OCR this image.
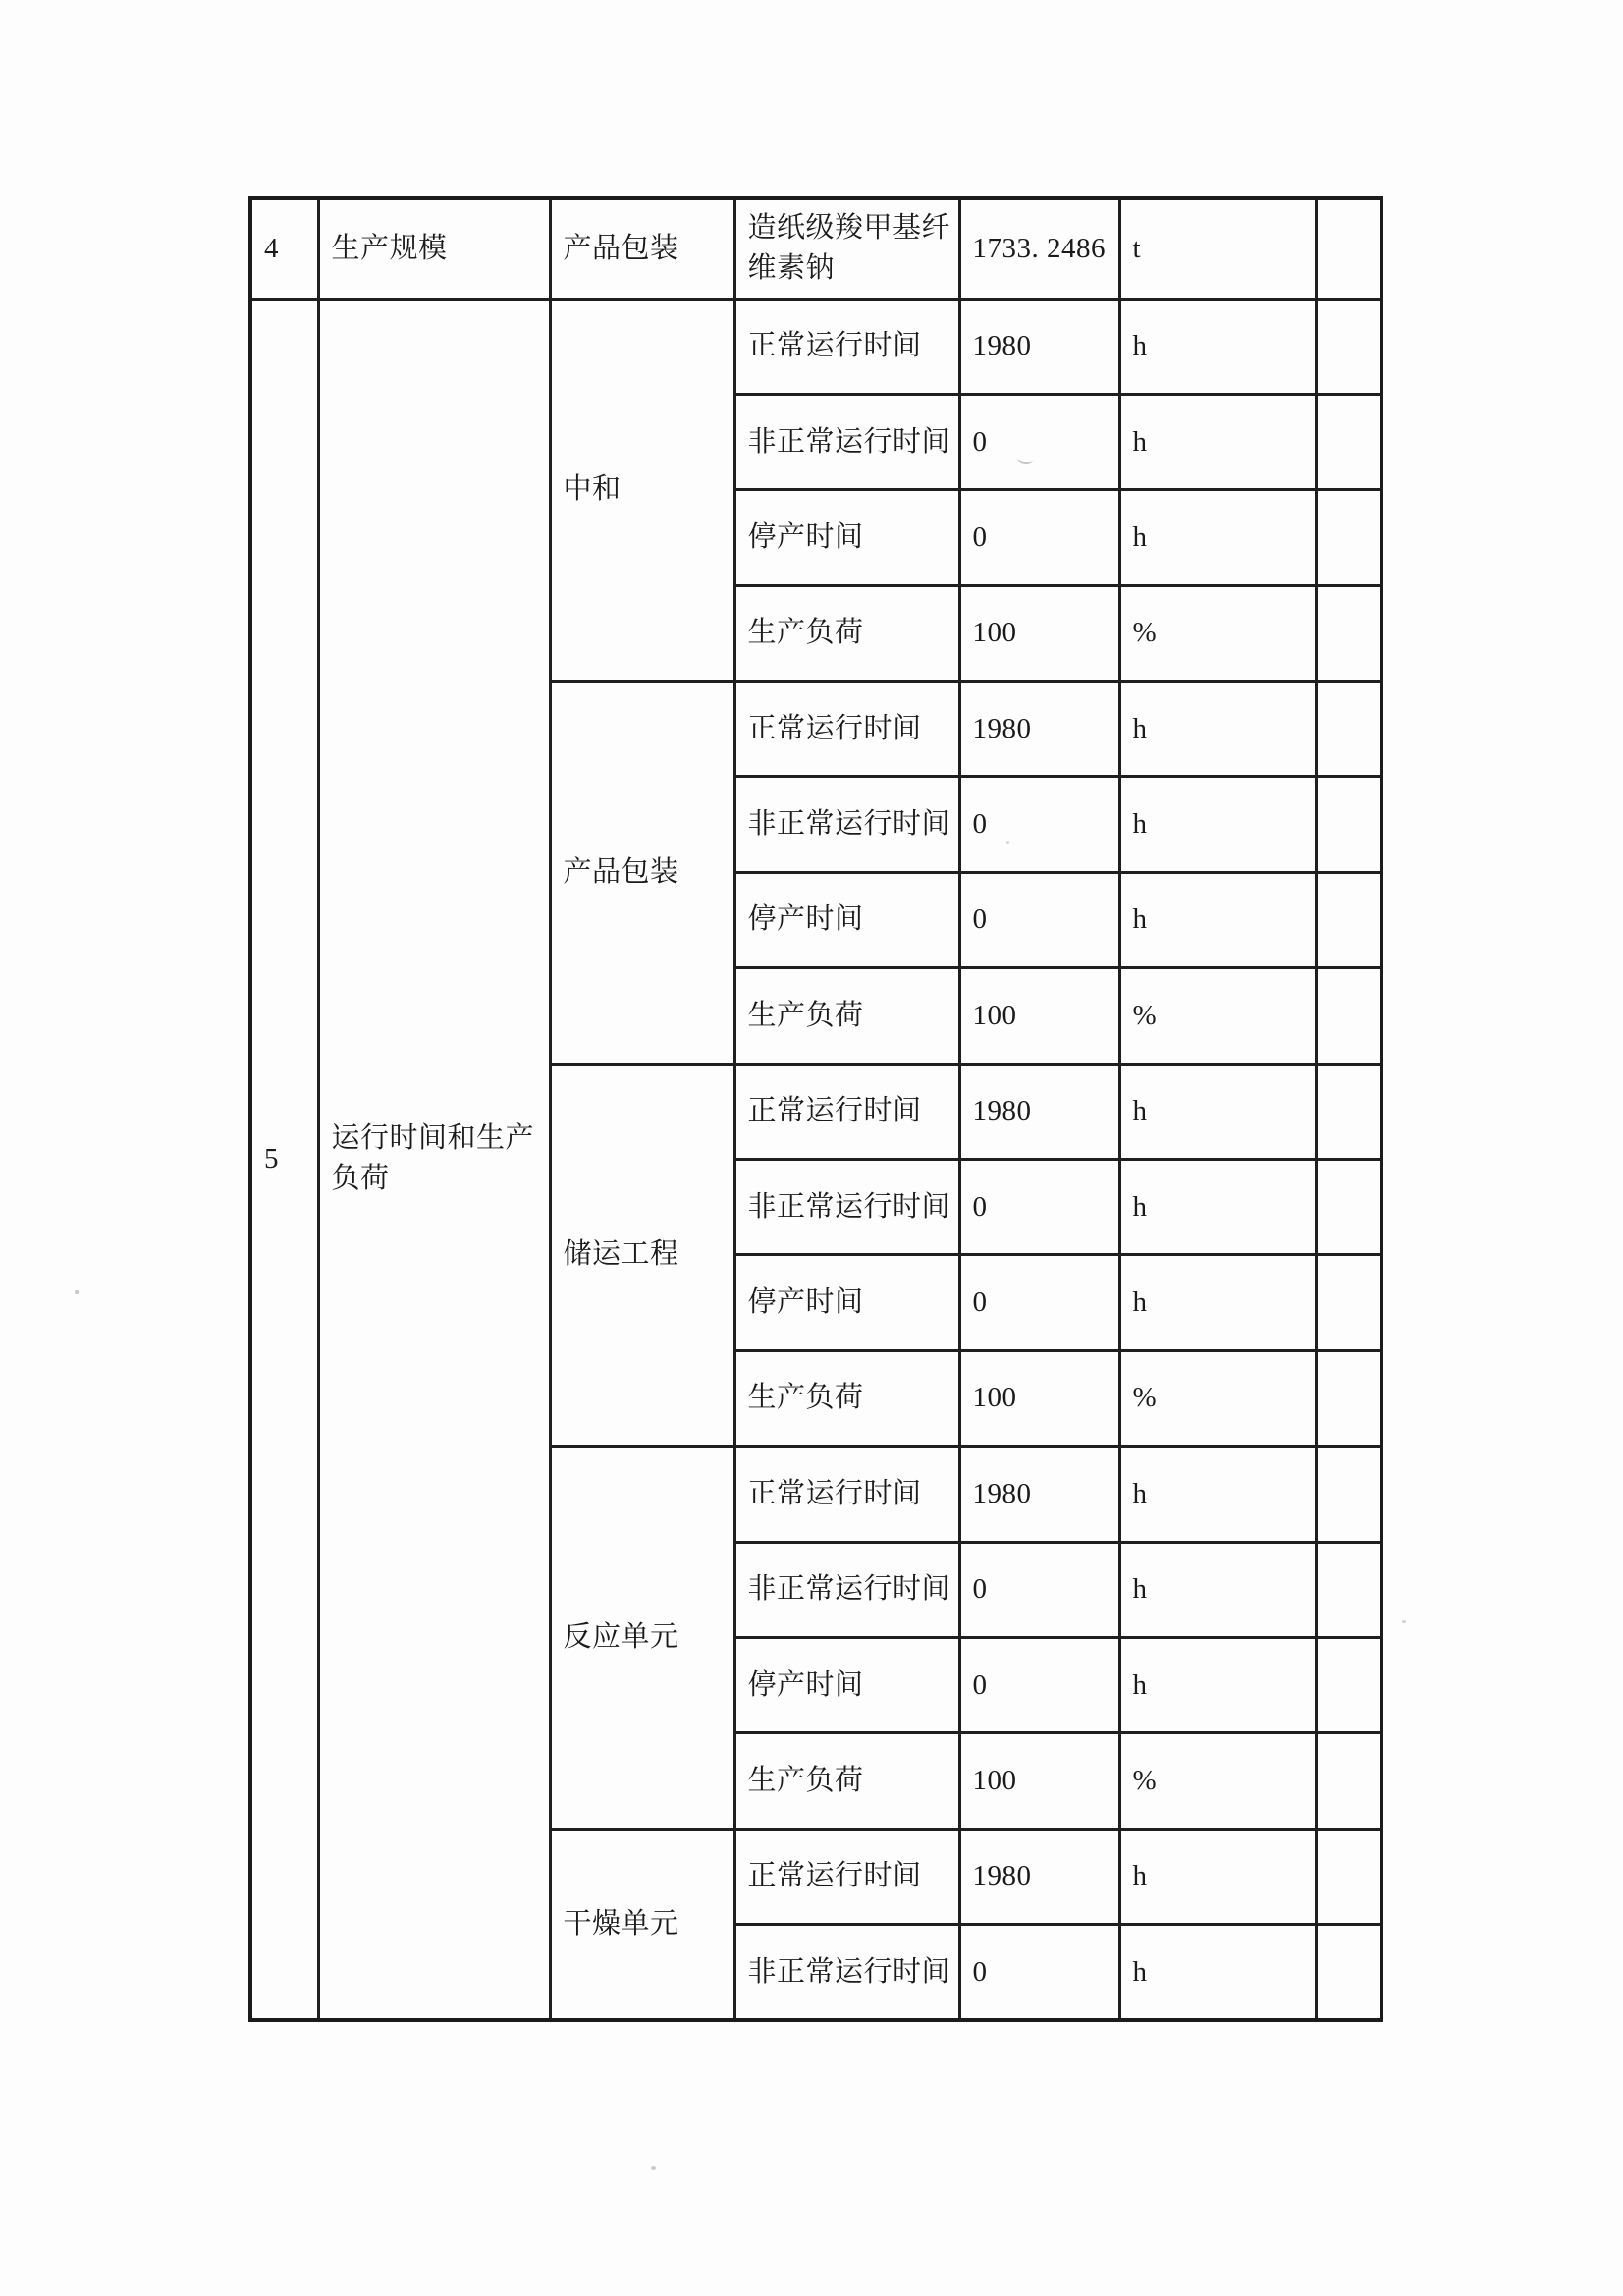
4	生产规模	产品包装	造纸级羧甲基纤维素钠	1733. 2486	t	
5	运行时间和生产负荷	中和	正常运行时间	1980	h	
			非正常运行时间	0	h	
			停产时间	0	h	
			生产负荷	100	%	
		产品包装	正常运行时间	1980	h	
			非正常运行时间	0	h	
			停产时间	0	h	
			生产负荷	100	%	
		储运工程	正常运行时间	1980	h	
			非正常运行时间	0	h	
			停产时间	0	h	
			生产负荷	100	%	
		反应单元	正常运行时间	1980	h	
			非正常运行时间	0	h	
			停产时间	0	h	
			生产负荷	100	%	
		干燥单元	正常运行时间	1980	h	
			非正常运行时间	0	h	
